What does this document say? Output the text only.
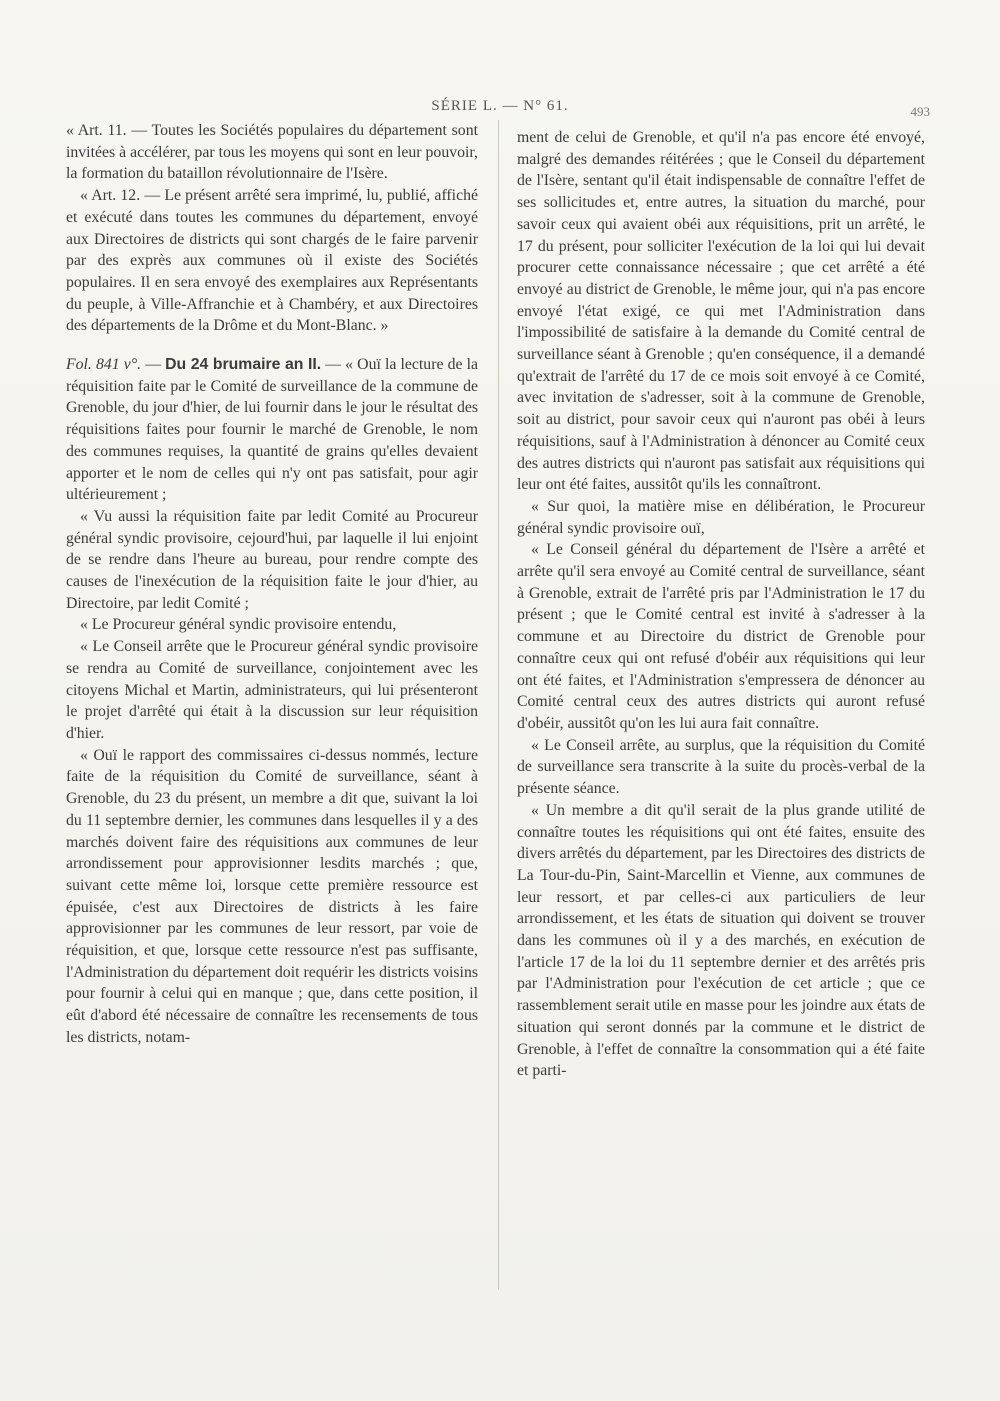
SÉRIE L. — N° 61.	493

« Art. 11. — Toutes les Sociétés populaires du département sont invitées à accélérer, par tous les moyens qui sont en leur pouvoir, la formation du bataillon révolutionnaire de l'Isère.

« Art. 12. — Le présent arrêté sera imprimé, lu, publié, affiché et exécuté dans toutes les communes du département, envoyé aux Directoires de districts qui sont chargés de le faire parvenir par des exprès aux communes où il existe des Sociétés populaires. Il en sera envoyé des exemplaires aux Représentants du peuple, à Ville-Affranchie et à Chambéry, et aux Directoires des départements de la Drôme et du Mont-Blanc. »

Fol. 841 v°. — Du 24 brumaire an II. — « Ouï la lecture de la réquisition faite par le Comité de surveillance de la commune de Grenoble, du jour d'hier, de lui fournir dans le jour le résultat des réquisitions faites pour fournir le marché de Grenoble, le nom des communes requises, la quantité de grains qu'elles devaient apporter et le nom de celles qui n'y ont pas satisfait, pour agir ultérieurement ;

« Vu aussi la réquisition faite par ledit Comité au Procureur général syndic provisoire, cejourd'hui, par laquelle il lui enjoint de se rendre dans l'heure au bureau, pour rendre compte des causes de l'inexécution de la réquisition faite le jour d'hier, au Directoire, par ledit Comité ;

« Le Procureur général syndic provisoire entendu,

« Le Conseil arrête que le Procureur général syndic provisoire se rendra au Comité de surveillance, conjointement avec les citoyens Michal et Martin, administrateurs, qui lui présenteront le projet d'arrêté qui était à la discussion sur leur réquisition d'hier.

« Ouï le rapport des commissaires ci-dessus nommés, lecture faite de la réquisition du Comité de surveillance, séant à Grenoble, du 23 du présent, un membre a dit que, suivant la loi du 11 septembre dernier, les communes dans lesquelles il y a des marchés doivent faire des réquisitions aux communes de leur arrondissement pour approvisionner lesdits marchés ; que, suivant cette même loi, lorsque cette première ressource est épuisée, c'est aux Directoires de districts à les faire approvisionner par les communes de leur ressort, par voie de réquisition, et que, lorsque cette ressource n'est pas suffisante, l'Administration du département doit requérir les districts voisins pour fournir à celui qui en manque ; que, dans cette position, il eût d'abord été nécessaire de connaître les recensements de tous les districts, notam-

ment de celui de Grenoble, et qu'il n'a pas encore été envoyé, malgré des demandes réitérées ; que le Conseil du département de l'Isère, sentant qu'il était indispensable de connaître l'effet de ses sollicitudes et, entre autres, la situation du marché, pour savoir ceux qui avaient obéi aux réquisitions, prit un arrêté, le 17 du présent, pour solliciter l'exécution de la loi qui lui devait procurer cette connaissance nécessaire ; que cet arrêté a été envoyé au district de Grenoble, le même jour, qui n'a pas encore envoyé l'état exigé, ce qui met l'Administration dans l'impossibilité de satisfaire à la demande du Comité central de surveillance séant à Grenoble ; qu'en conséquence, il a demandé qu'extrait de l'arrêté du 17 de ce mois soit envoyé à ce Comité, avec invitation de s'adresser, soit à la commune de Grenoble, soit au district, pour savoir ceux qui n'auront pas obéi à leurs réquisitions, sauf à l'Administration à dénoncer au Comité ceux des autres districts qui n'auront pas satisfait aux réquisitions qui leur ont été faites, aussitôt qu'ils les connaîtront.

« Sur quoi, la matière mise en délibération, le Procureur général syndic provisoire ouï,

« Le Conseil général du département de l'Isère a arrêté et arrête qu'il sera envoyé au Comité central de surveillance, séant à Grenoble, extrait de l'arrêté pris par l'Administration le 17 du présent ; que le Comité central est invité à s'adresser à la commune et au Directoire du district de Grenoble pour connaître ceux qui ont refusé d'obéir aux réquisitions qui leur ont été faites, et l'Administration s'empressera de dénoncer au Comité central ceux des autres districts qui auront refusé d'obéir, aussitôt qu'on les lui aura fait connaître.

« Le Conseil arrête, au surplus, que la réquisition du Comité de surveillance sera transcrite à la suite du procès-verbal de la présente séance.

« Un membre a dit qu'il serait de la plus grande utilité de connaître toutes les réquisitions qui ont été faites, ensuite des divers arrêtés du département, par les Directoires des districts de La Tour-du-Pin, Saint-Marcellin et Vienne, aux communes de leur ressort, et par celles-ci aux particuliers de leur arrondissement, et les états de situation qui doivent se trouver dans les communes où il y a des marchés, en exécution de l'article 17 de la loi du 11 septembre dernier et des arrêtés pris par l'Administration pour l'exécution de cet article ; que ce rassemblement serait utile en masse pour les joindre aux états de situation qui seront donnés par la commune et le district de Grenoble, à l'effet de connaître la consommation qui a été faite et parti-
